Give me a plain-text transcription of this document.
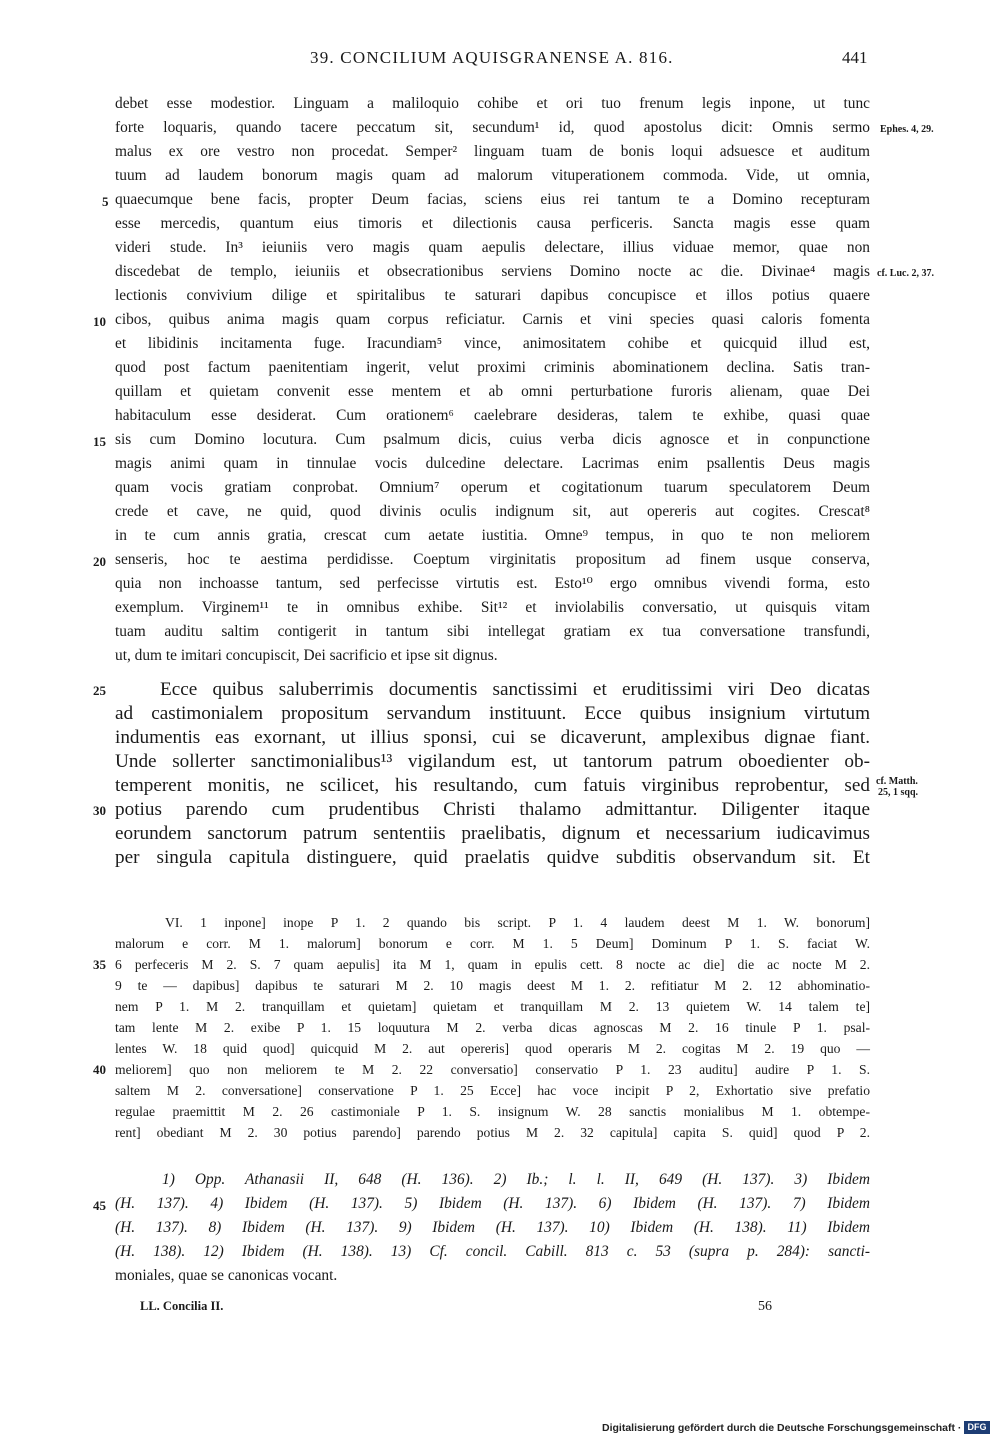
39. CONCILIUM AQUISGRANENSE A. 816.	441
debet esse modestior. Linguam a maliloquio cohibe et ori tuo frenum legis inpone, ut tunc
forte loquaris, quando tacere peccatum sit, secundum¹ id, quod apostolus dicit: Omnis sermo
malus ex ore vestro non procedat. Semper² linguam tuam de bonis loqui adsuesce et auditum
tuum ad laudem bonorum magis quam ad malorum vituperationem commoda. Vide, ut omnia,
quaecumque bene facis, propter Deum facias, sciens eius rei tantum te a Domino recepturam
esse mercedis, quantum eius timoris et dilectionis causa perficeris. Sancta magis esse quam
videri stude. In³ ieiuniis vero magis quam aepulis delectare, illius viduae memor, quae non
discedebat de templo, ieiuniis et obsecrationibus serviens Domino nocte ac die. Divinae⁴ magis
lectionis convivium dilige et spiritalibus te saturari dapibus concupisce et illos potius quaere
cibos, quibus anima magis quam corpus reficiatur. Carnis et vini species quasi caloris fomenta
et libidinis incitamenta fuge. Iracundiam⁵ vince, animositatem cohibe et quicquid illud est,
quod post factum paenitentiam ingerit, velut proximi criminis abominationem declina. Satis tran-
quillam et quietam convenit esse mentem et ab omni perturbatione furoris alienam, quae Dei
habitaculum esse desiderat. Cum orationem⁶ caelebrare desideras, talem te exhibe, quasi quae
sis cum Domino locutura. Cum psalmum dicis, cuius verba dicis agnosce et in conpunctione
magis animi quam in tinnulae vocis dulcedine delectare. Lacrimas enim psallentis Deus magis
quam vocis gratiam conprobat. Omnium⁷ operum et cogitationum tuarum speculatorem Deum
crede et cave, ne quid, quod divinis oculis indignum sit, aut opereris aut cogites. Crescat⁸
in te cum annis gratia, crescat cum aetate iustitia. Omne⁹ tempus, in quo te non meliorem
senseris, hoc te aestima perdidisse. Coeptum virginitatis propositum ad finem usque conserva,
quia non inchoasse tantum, sed perfecisse virtutis est. Esto¹⁰ ergo omnibus vivendi forma, esto
exemplum. Virginem¹¹ te in omnibus exhibe. Sit¹² et inviolabilis conversatio, ut quisquis vitam
tuam auditu saltim contigerit in tantum sibi intellegat gratiam ex tua conversatione transfundi,
ut, dum te imitari concupiscit, Dei sacrificio et ipse sit dignus.
Ecce quibus saluberrimis documentis sanctissimi et eruditissimi viri Deo dicatas
ad castimonialem propositum servandum instituunt. Ecce quibus insignium virtutum
indumentis eas exornant, ut illius sponsi, cui se dicaverunt, amplexibus dignae fiant.
Unde sollerter sanctimonialibus¹³ vigilandum est, ut tantorum patrum oboedienter ob-
temperent monitis, ne scilicet, his resultando, cum fatuis virginibus reprobentur, sed
potius parendo cum prudentibus Christi thalamo admittantur. Diligenter itaque
eorundem sanctorum patrum sententiis praelibatis, dignum et necessarium iudicavimus
per singula capitula distinguere, quid praelatis quidve subditis observandum sit. Et
VI. 1 inpone] inope P 1. 2 quando bis script. P 1. 4 laudem deest M 1. W. bonorum]
malorum e corr. M 1. malorum] bonorum e corr. M 1. 5 Deum] Dominum P 1. S. faciat W.
6 perfeceris M 2. S. 7 quam aepulis] ita M 1, quam in epulis cett. 8 nocte ac die] die ac nocte M 2.
9 te — dapibus] dapibus te saturari M 2. 10 magis deest M 1. 2. refitiatur M 2. 12 abhominatio-
nem P 1. M 2. tranquillam et quietam] quietam et tranquillam M 2. 13 quietem W. 14 talem te]
tam lente M 2. exibe P 1. 15 loquutura M 2. verba dicas agnoscas M 2. 16 tinule P 1. psal-
lentes W. 18 quid quod] quicquid M 2. aut opereris] quod operaris M 2. cogitas M 2. 19 quo —
meliorem] quo non meliorem te M 2. 22 conversatio] conservatio P 1. 23 auditu] audire P 1. S.
saltem M 2. conversatione] conservatione P 1. 25 Ecce] hac voce incipit P 2, Exhortatio sive prefatio
regulae praemittit M 2. 26 castimoniale P 1. S. insignum W. 28 sanctis monialibus M 1. obtempe-
rent] obediant M 2. 30 potius parendo] parendo potius M 2. 32 capitula] capita S. quid] quod P 2.
1) Opp. Athanasii II, 648 (H. 136). 2) Ib.; l. l. II, 649 (H. 137). 3) Ibidem
(H. 137). 4) Ibidem (H. 137). 5) Ibidem (H. 137). 6) Ibidem (H. 137). 7) Ibidem
(H. 137). 8) Ibidem (H. 137). 9) Ibidem (H. 137). 10) Ibidem (H. 138). 11) Ibidem
(H. 138). 12) Ibidem (H. 138). 13) Cf. concil. Cabill. 813 c. 53 (supra p. 284): sancti-
moniales, quae se canonicas vocant.
5
10
15
20
25
30
35
40
45
Ephes. 4, 29.
cf. Luc. 2, 37.
cf. Matth.
25, 1 sqq.
LL. Concilia II.	56
Digitalisierung gefördert durch die Deutsche Forschungsgemeinschaft · DFG
